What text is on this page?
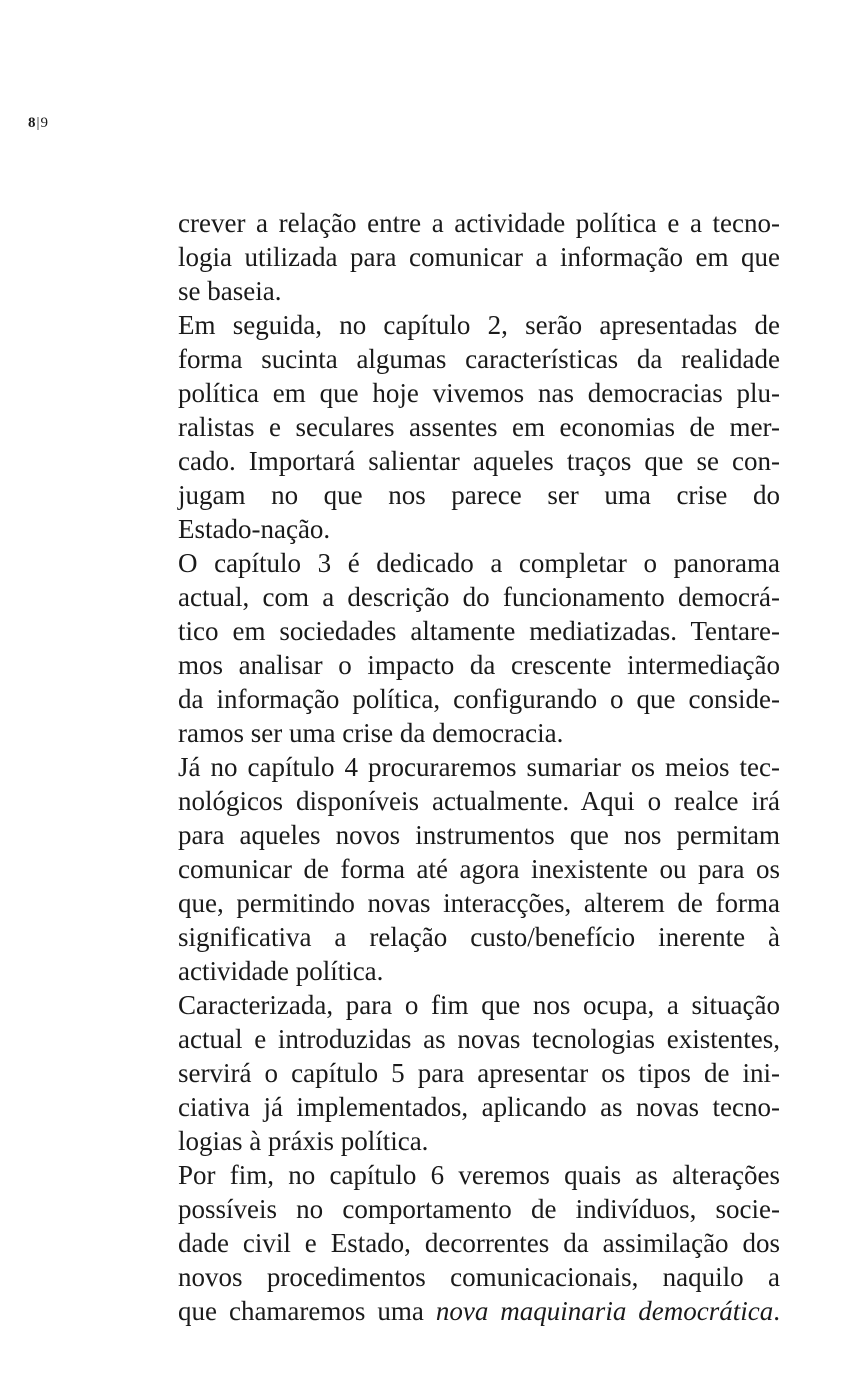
8|9
crever a relação entre a actividade política e a tecno-
logia utilizada para comunicar a informação em que
se baseia.
Em seguida, no capítulo 2, serão apresentadas de
forma sucinta algumas características da realidade
política em que hoje vivemos nas democracias plu-
ralistas e seculares assentes em economias de mer-
cado. Importará salientar aqueles traços que se con-
jugam no que nos parece ser uma crise do
Estado-nação.
O capítulo 3 é dedicado a completar o panorama
actual, com a descrição do funcionamento democrá-
tico em sociedades altamente mediatizadas. Tentare-
mos analisar o impacto da crescente intermediação
da informação política, configurando o que conside-
ramos ser uma crise da democracia.
Já no capítulo 4 procuraremos sumariar os meios tec-
nológicos disponíveis actualmente. Aqui o realce irá
para aqueles novos instrumentos que nos permitam
comunicar de forma até agora inexistente ou para os
que, permitindo novas interacções, alterem de forma
significativa a relação custo/benefício inerente à
actividade política.
Caracterizada, para o fim que nos ocupa, a situação
actual e introduzidas as novas tecnologias existentes,
servirá o capítulo 5 para apresentar os tipos de ini-
ciativa já implementados, aplicando as novas tecno-
logias à práxis política.
Por fim, no capítulo 6 veremos quais as alterações
possíveis no comportamento de indivíduos, socie-
dade civil e Estado, decorrentes da assimilação dos
novos procedimentos comunicacionais, naquilo a
que chamaremos uma nova maquinaria democrática.
